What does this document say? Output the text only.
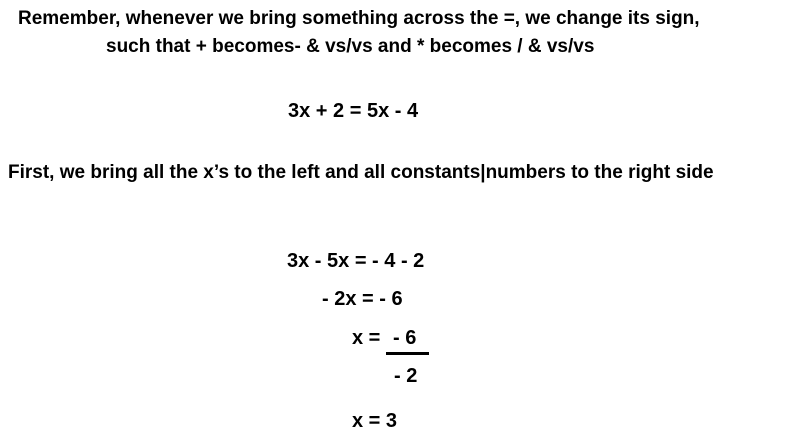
Remember, whenever we bring something across the =, we change its sign,
such that + becomes- & vs/vs and * becomes / & vs/vs
3x + 2 = 5x - 4
First, we bring all the x’s to the left and all constants|numbers to the right side
3x - 5x = - 4 - 2
- 2x = - 6
x = - 6
- 2
x = 3
